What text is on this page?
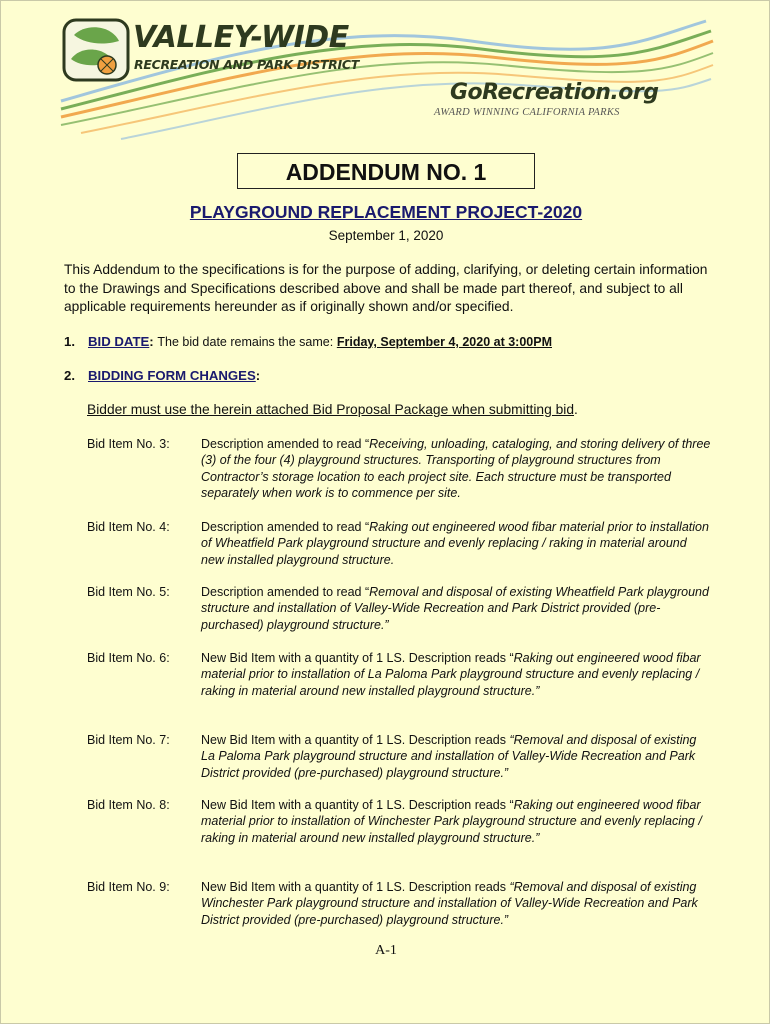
VALLEY-WIDE
RECREATION AND PARK DISTRICT
GoRecreation.org
AWARD WINNING CALIFORNIA PARKS
ADDENDUM NO. 1
PLAYGROUND REPLACEMENT PROJECT-2020
September 1, 2020
This Addendum to the specifications is for the purpose of adding, clarifying, or deleting certain information to the Drawings and Specifications described above and shall be made part thereof, and subject to all applicable requirements hereunder as if originally shown and/or specified.
1. BID DATE: The bid date remains the same: Friday, September 4, 2020 at 3:00PM
2. BIDDING FORM CHANGES:
Bidder must use the herein attached Bid Proposal Package when submitting bid.
Bid Item No. 3:	Description amended to read “Receiving, unloading, cataloging, and storing delivery of three (3) of the four (4) playground structures. Transporting of playground structures from Contractor’s storage location to each project site. Each structure must be transported separately when work is to commence per site.
Bid Item No. 4:	Description amended to read “Raking out engineered wood fibar material prior to installation of Wheatfield Park playground structure and evenly replacing / raking in material around new installed playground structure.
Bid Item No. 5:	Description amended to read “Removal and disposal of existing Wheatfield Park playground structure and installation of Valley-Wide Recreation and Park District provided (pre-purchased) playground structure.”
Bid Item No. 6:	New Bid Item with a quantity of 1 LS. Description reads “Raking out engineered wood fibar material prior to installation of La Paloma Park playground structure and evenly replacing / raking in material around new installed playground structure.”
Bid Item No. 7:	New Bid Item with a quantity of 1 LS. Description reads “Removal and disposal of existing La Paloma Park playground structure and installation of Valley-Wide Recreation and Park District provided (pre-purchased) playground structure.”
Bid Item No. 8:	New Bid Item with a quantity of 1 LS. Description reads “Raking out engineered wood fibar material prior to installation of Winchester Park playground structure and evenly replacing / raking in material around new installed playground structure.”
Bid Item No. 9:	New Bid Item with a quantity of 1 LS. Description reads “Removal and disposal of existing Winchester Park playground structure and installation of Valley-Wide Recreation and Park District provided (pre-purchased) playground structure.”
A-1
